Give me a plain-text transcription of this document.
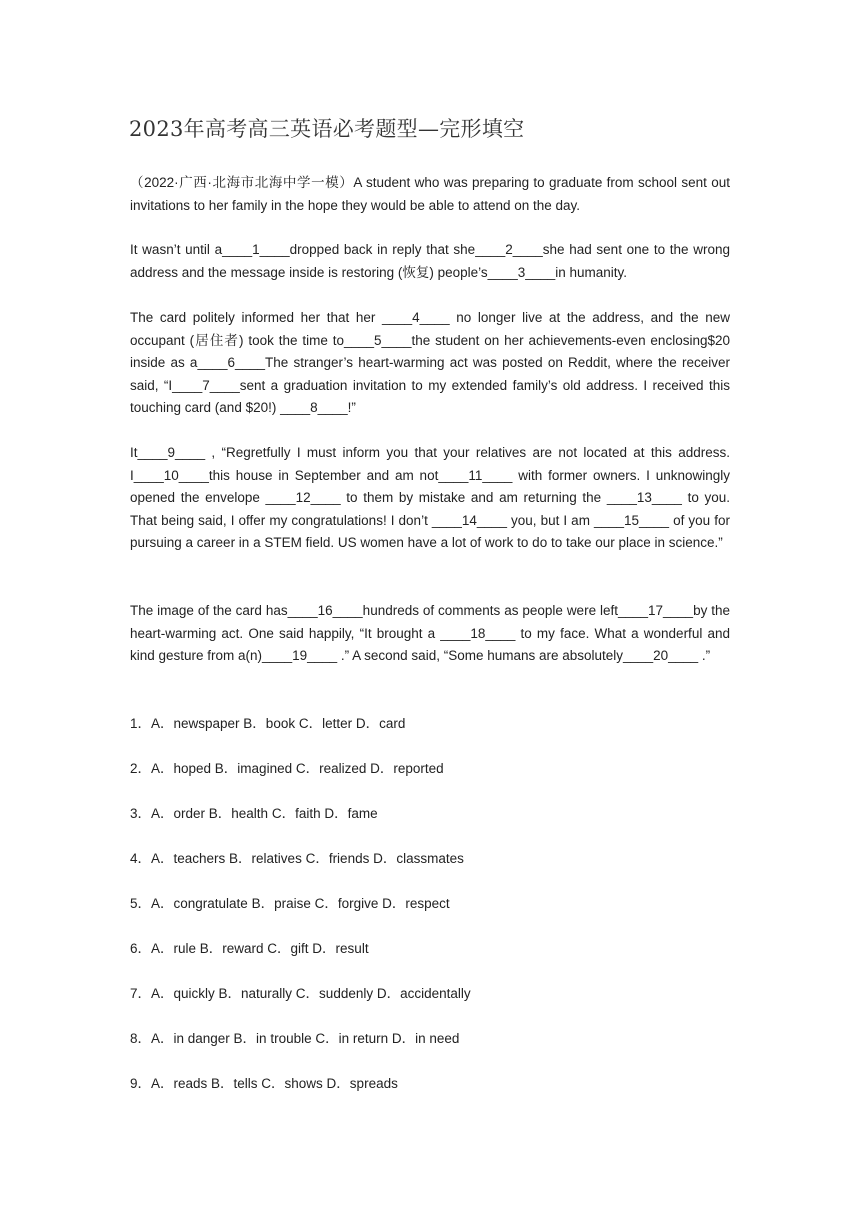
2023年高考高三英语必考题型—完形填空

（2022·广西·北海市北海中学一模）A student who was preparing to graduate from school sent out invitations to her family in the hope they would be able to attend on the day.

It wasn’t until a____1____dropped back in reply that she____2____she had sent one to the wrong address and the message inside is restoring (恢复) people’s____3____in humanity.

The card politely informed her that her ____4____ no longer live at the address, and the new occupant (居住者) took the time to____5____the student on her achievements-even enclosing$20 inside as a____6____The stranger’s heart-warming act was posted on Reddit, where the receiver said, “I____7____sent a graduation invitation to my extended family’s old address. I received this touching card (and $20!) ____8____!”

It____9____ , “Regretfully I must inform you that your relatives are not located at this address. I____10____this house in September and am not____11____ with former owners. I unknowingly opened the envelope ____12____ to them by mistake and am returning the ____13____ to you. That being said, I offer my congratulations! I don’t ____14____ you, but I am ____15____ of you for pursuing a career in a STEM field. US women have a lot of work to do to take our place in science.”

The image of the card has____16____hundreds of comments as people were left____17____by the heart-warming act. One said happily, “It brought a ____18____ to my face. What a wonderful and kind gesture from a(n)____19____ .” A second said, “Some humans are absolutely____20____ .”

1．A．newspaper B．book C．letter D．card

2．A．hoped B．imagined C．realized D．reported

3．A．order B．health C．faith D．fame

4．A．teachers B．relatives C．friends D．classmates

5．A．congratulate B．praise C．forgive D．respect

6．A．rule B．reward C．gift D．result

7．A．quickly B．naturally C．suddenly D．accidentally

8．A．in danger B．in trouble C．in return D．in need

9．A．reads B．tells C．shows D．spreads
